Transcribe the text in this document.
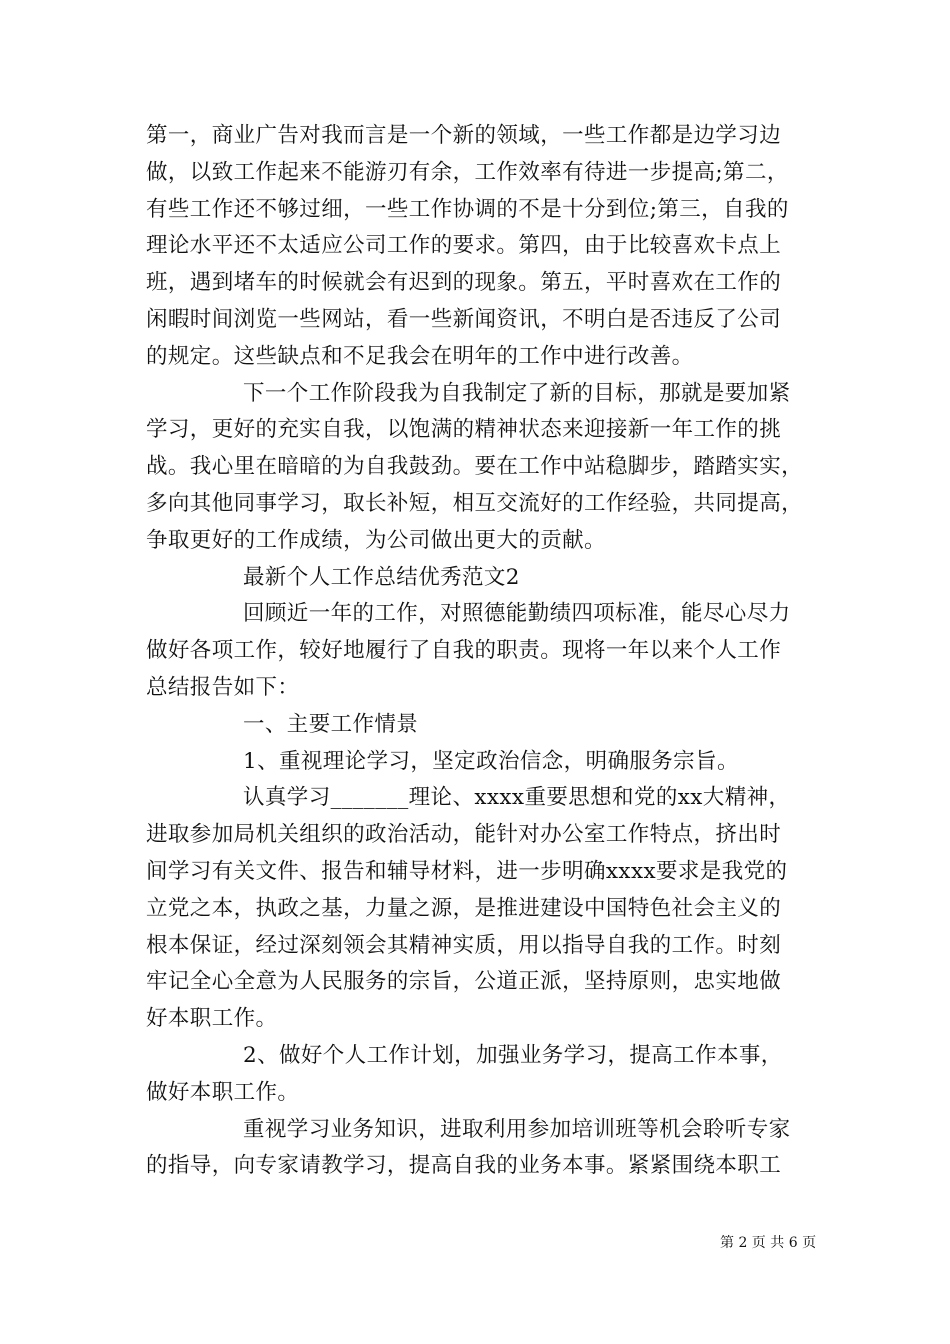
第一，商业广告对我而言是一个新的领域，一些工作都是边学习边
做，以致工作起来不能游刃有余，工作效率有待进一步提高;第二，
有些工作还不够过细，一些工作协调的不是十分到位;第三，自我的
理论水平还不太适应公司工作的要求。第四，由于比较喜欢卡点上
班，遇到堵车的时候就会有迟到的现象。第五，平时喜欢在工作的
闲暇时间浏览一些网站，看一些新闻资讯，不明白是否违反了公司
的规定。这些缺点和不足我会在明年的工作中进行改善。
下一个工作阶段我为自我制定了新的目标，那就是要加紧
学习，更好的充实自我，以饱满的精神状态来迎接新一年工作的挑
战。我心里在暗暗的为自我鼓劲。要在工作中站稳脚步，踏踏实实，
多向其他同事学习，取长补短，相互交流好的工作经验，共同提高，
争取更好的工作成绩，为公司做出更大的贡献。
最新个人工作总结优秀范文2
回顾近一年的工作，对照德能勤绩四项标准，能尽心尽力
做好各项工作，较好地履行了自我的职责。现将一年以来个人工作
总结报告如下：
一、主要工作情景
1、重视理论学习，坚定政治信念，明确服务宗旨。
认真学习_______理论、xxxx重要思想和党的xx大精神，
进取参加局机关组织的政治活动，能针对办公室工作特点，挤出时
间学习有关文件、报告和辅导材料，进一步明确xxxx要求是我党的
立党之本，执政之基，力量之源，是推进建设中国特色社会主义的
根本保证，经过深刻领会其精神实质，用以指导自我的工作。时刻
牢记全心全意为人民服务的宗旨，公道正派，坚持原则，忠实地做
好本职工作。
2、做好个人工作计划，加强业务学习，提高工作本事，
做好本职工作。
重视学习业务知识，进取利用参加培训班等机会聆听专家
的指导，向专家请教学习，提高自我的业务本事。紧紧围绕本职工
第 2 页 共 6 页
